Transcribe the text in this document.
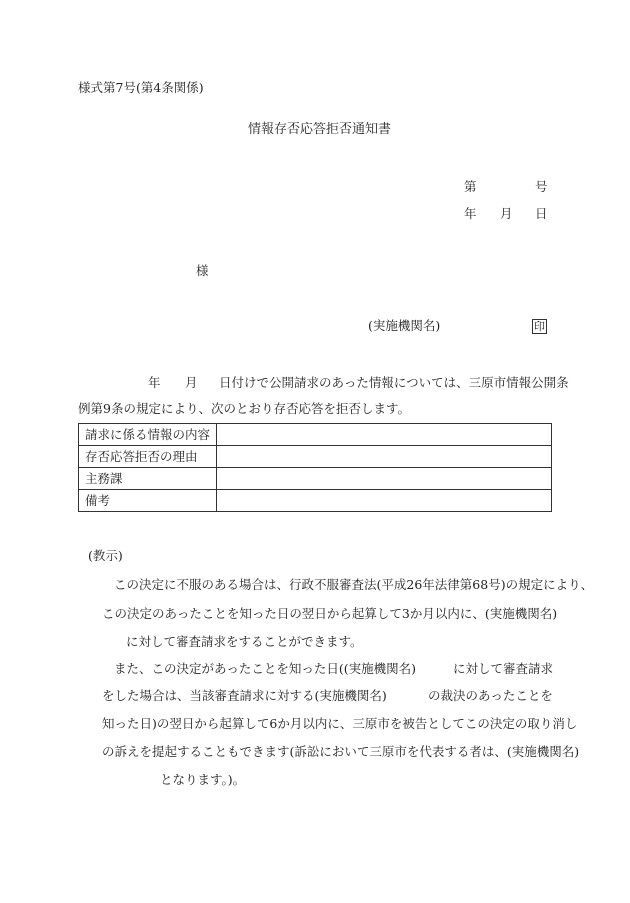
様式第7号(第4条関係)
情報存否応答拒否通知書
第	号
年 月 日
様
(実施機関名)	印
年 月 日付けで公開請求のあった情報については、三原市情報公開条
例第9条の規定により、次のとおり存否応答を拒否します。
請求に係る情報の内容	
存否応答拒否の理由	
主務課	
備考	
(教示)
この決定に不服のある場合は、行政不服審査法(平成26年法律第68号)の規定により、
この決定のあったことを知った日の翌日から起算して3か月以内に、(実施機関名)
に対して審査請求をすることができます。
また、この決定があったことを知った日((実施機関名)	に対して審査請求
をした場合は、当該審査請求に対する(実施機関名)	の裁決のあったことを
知った日)の翌日から起算して6か月以内に、三原市を被告としてこの決定の取り消し
の訴えを提起することもできます(訴訟において三原市を代表する者は、(実施機関名)
となります。)。
